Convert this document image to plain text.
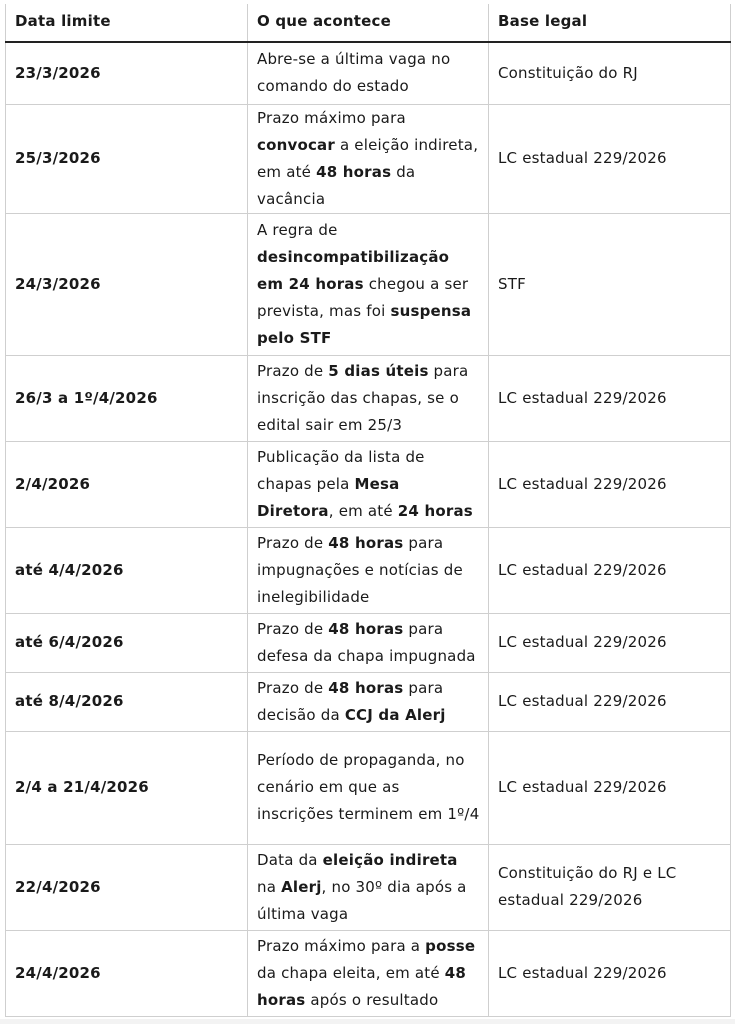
Data limite	O que acontece	Base legal
23/3/2026	Abre-se a última vaga no comando do estado	Constituição do RJ
25/3/2026	Prazo máximo para convocar a eleição indireta, em até 48 horas da vacância	LC estadual 229/2026
24/3/2026	A regra de desincompatibilização em 24 horas chegou a ser prevista, mas foi suspensa pelo STF	STF
26/3 a 1º/4/2026	Prazo de 5 dias úteis para inscrição das chapas, se o edital sair em 25/3	LC estadual 229/2026
2/4/2026	Publicação da lista de chapas pela Mesa Diretora, em até 24 horas	LC estadual 229/2026
até 4/4/2026	Prazo de 48 horas para impugnações e notícias de inelegibilidade	LC estadual 229/2026
até 6/4/2026	Prazo de 48 horas para defesa da chapa impugnada	LC estadual 229/2026
até 8/4/2026	Prazo de 48 horas para decisão da CCJ da Alerj	LC estadual 229/2026
2/4 a 21/4/2026	Período de propaganda, no cenário em que as inscrições terminem em 1º/4	LC estadual 229/2026
22/4/2026	Data da eleição indireta na Alerj, no 30º dia após a última vaga	Constituição do RJ e LC estadual 229/2026
24/4/2026	Prazo máximo para a posse da chapa eleita, em até 48 horas após o resultado	LC estadual 229/2026
